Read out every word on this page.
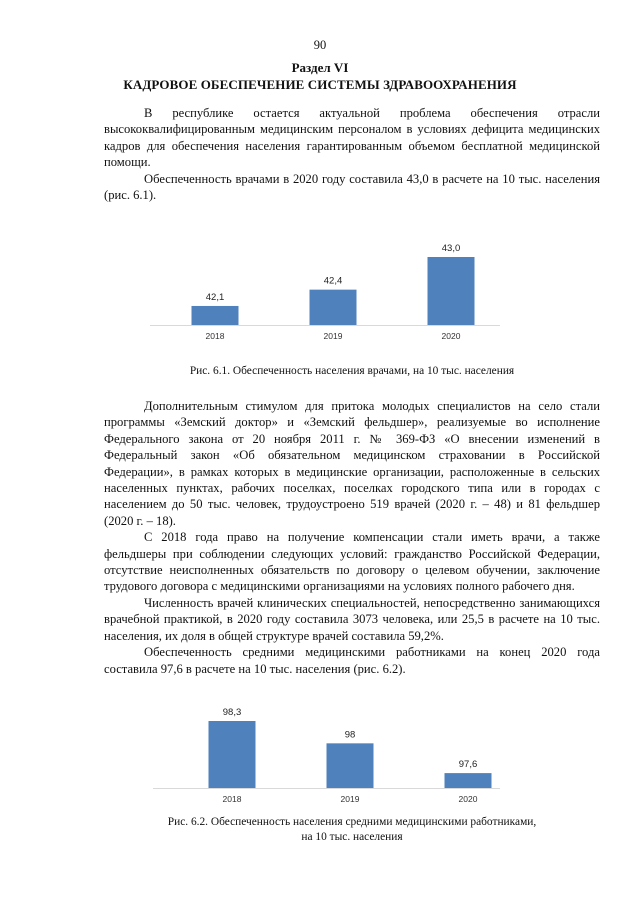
90
Раздел VI
КАДРОВОЕ ОБЕСПЕЧЕНИЕ СИСТЕМЫ ЗДРАВООХРАНЕНИЯ

В республике остается актуальной проблема обеспечения отрасли высококвалифицированным медицинским персоналом в условиях дефицита медицинских кадров для обеспечения населения гарантированным объемом бесплатной медицинской помощи.

Обеспеченность врачами в 2020 году составила 43,0 в расчете на 10 тыс. населения (рис. 6.1).

42,1
2018
42,4
2019
43,0
2020
Рис. 6.1. Обеспеченность населения врачами, на 10 тыс. населения

Дополнительным стимулом для притока молодых специалистов на село стали программы «Земский доктор» и «Земский фельдшер», реализуемые во исполнение Федерального закона от 20 ноября 2011 г. № 369-ФЗ «О внесении изменений в Федеральный закон «Об обязательном медицинском страховании в Российской Федерации», в рамках которых в медицинские организации, расположенные в сельских населенных пунктах, рабочих поселках, поселках городского типа или в городах с населением до 50 тыс. человек, трудоустроено 519 врачей (2020 г. – 48) и 81 фельдшер (2020 г. – 18).

С 2018 года право на получение компенсации стали иметь врачи, а также фельдшеры при соблюдении следующих условий: гражданство Российской Федерации, отсутствие неисполненных обязательств по договору о целевом обучении, заключение трудового договора с медицинскими организациями на условиях полного рабочего дня.

Численность врачей клинических специальностей, непосредственно занимающихся врачебной практикой, в 2020 году составила 3073 человека, или 25,5 в расчете на 10 тыс. населения, их доля в общей структуре врачей составила 59,2%.

Обеспеченность средними медицинскими работниками на конец 2020 года составила 97,6 в расчете на 10 тыс. населения (рис. 6.2).

98,3
2018
98
2019
97,6
2020
Рис. 6.2. Обеспеченность населения средними медицинскими работниками,
на 10 тыс. населения
